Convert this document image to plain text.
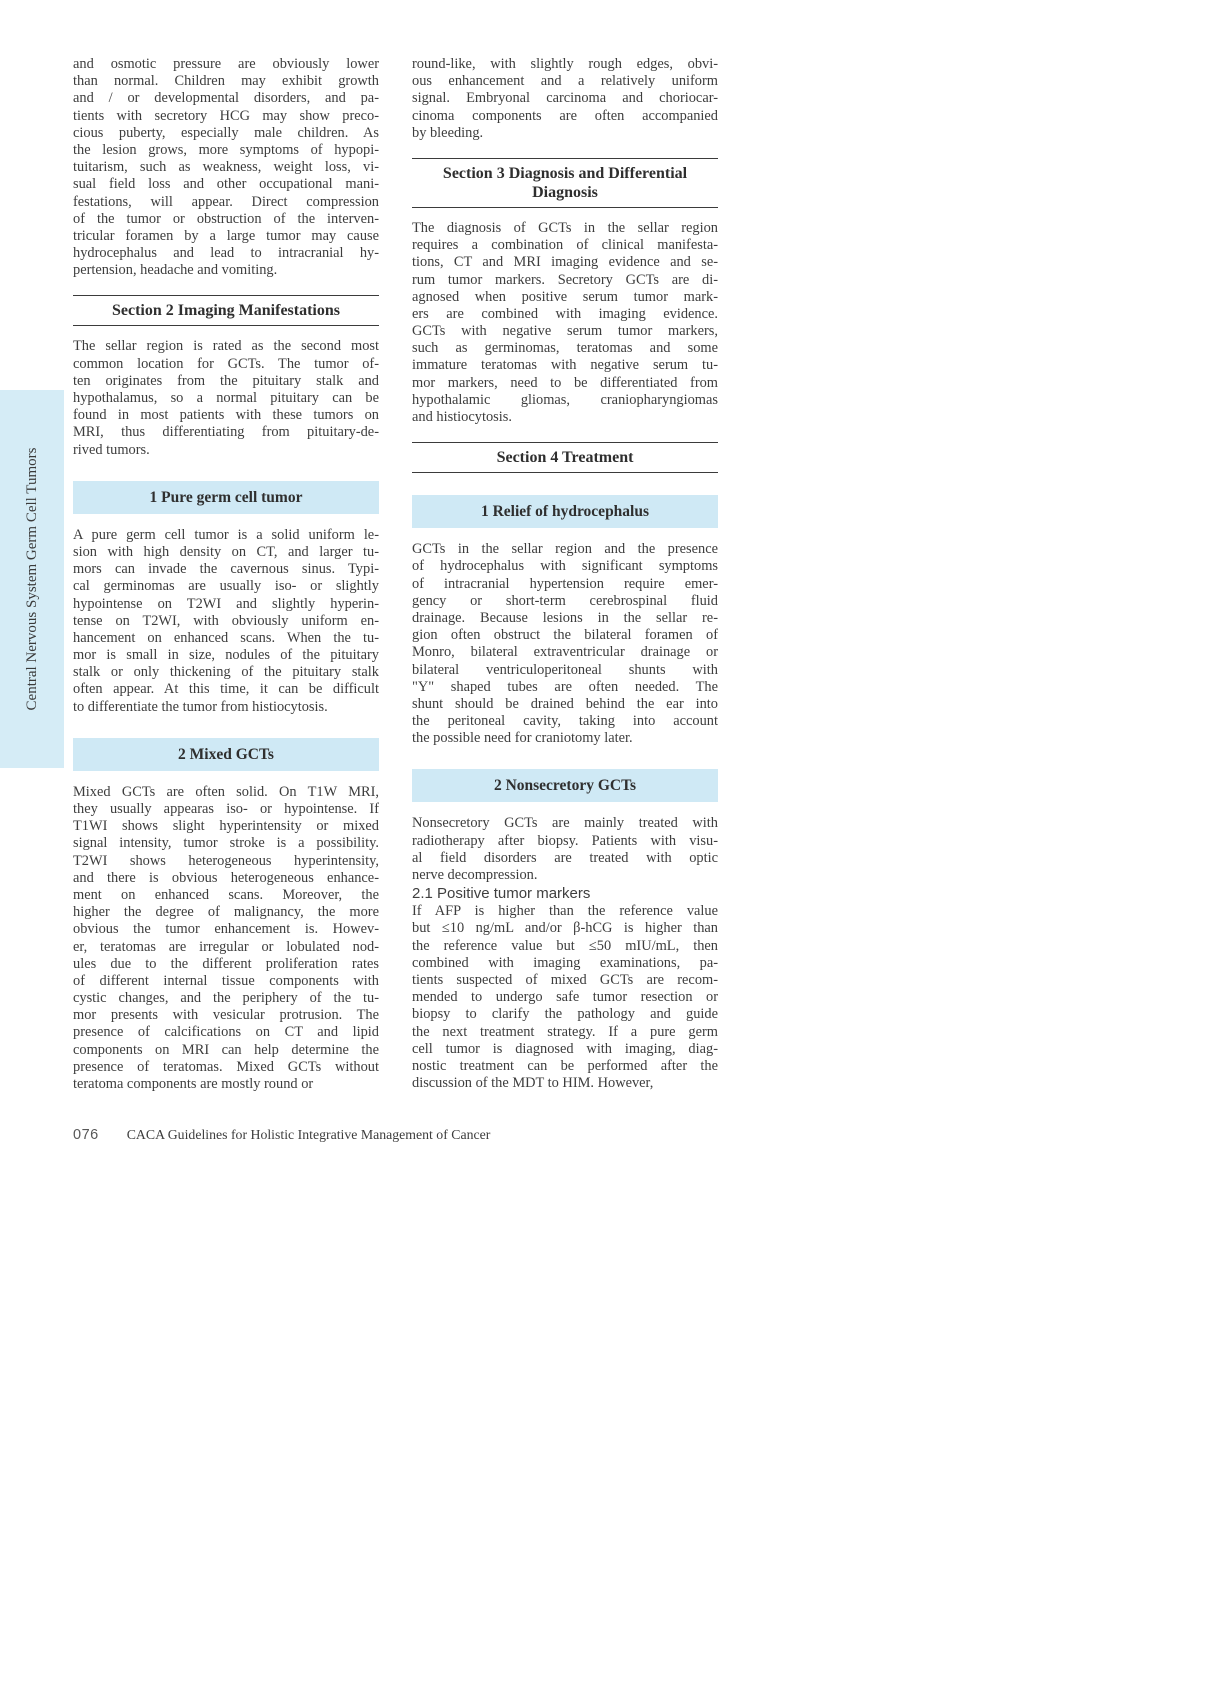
Central Nervous System Germ Cell Tumors
and osmotic pressure are obviously lower
than normal. Children may exhibit growth
and / or developmental disorders, and pa-
tients with secretory HCG may show preco-
cious puberty, especially male children. As
the lesion grows, more symptoms of hypopi-
tuitarism, such as weakness, weight loss, vi-
sual field loss and other occupational mani-
festations, will appear. Direct compression
of the tumor or obstruction of the interven-
tricular foramen by a large tumor may cause
hydrocephalus and lead to intracranial hy-
pertension, headache and vomiting.
Section 2 Imaging Manifestations
The sellar region is rated as the second most
common location for GCTs. The tumor of-
ten originates from the pituitary stalk and
hypothalamus, so a normal pituitary can be
found in most patients with these tumors on
MRI, thus differentiating from pituitary-de-
rived tumors.
1 Pure germ cell tumor
A pure germ cell tumor is a solid uniform le-
sion with high density on CT, and larger tu-
mors can invade the cavernous sinus. Typi-
cal germinomas are usually iso- or slightly
hypointense on T2WI and slightly hyperin-
tense on T2WI, with obviously uniform en-
hancement on enhanced scans. When the tu-
mor is small in size, nodules of the pituitary
stalk or only thickening of the pituitary stalk
often appear. At this time, it can be difficult
to differentiate the tumor from histiocytosis.
2 Mixed GCTs
Mixed GCTs are often solid. On T1W MRI,
they usually appearas iso- or hypointense. If
T1WI shows slight hyperintensity or mixed
signal intensity, tumor stroke is a possibility.
T2WI shows heterogeneous hyperintensity,
and there is obvious heterogeneous enhance-
ment on enhanced scans. Moreover, the
higher the degree of malignancy, the more
obvious the tumor enhancement is. Howev-
er, teratomas are irregular or lobulated nod-
ules due to the different proliferation rates
of different internal tissue components with
cystic changes, and the periphery of the tu-
mor presents with vesicular protrusion. The
presence of calcifications on CT and lipid
components on MRI can help determine the
presence of teratomas. Mixed GCTs without
teratoma components are mostly round or
round-like, with slightly rough edges, obvi-
ous enhancement and a relatively uniform
signal. Embryonal carcinoma and choriocar-
cinoma components are often accompanied
by bleeding.
Section 3 Diagnosis and Differential Diagnosis
The diagnosis of GCTs in the sellar region
requires a combination of clinical manifesta-
tions, CT and MRI imaging evidence and se-
rum tumor markers. Secretory GCTs are di-
agnosed when positive serum tumor mark-
ers are combined with imaging evidence.
GCTs with negative serum tumor markers,
such as germinomas, teratomas and some
immature teratomas with negative serum tu-
mor markers, need to be differentiated from
hypothalamic gliomas, craniopharyngiomas
and histiocytosis.
Section 4 Treatment
1 Relief of hydrocephalus
GCTs in the sellar region and the presence
of hydrocephalus with significant symptoms
of intracranial hypertension require emer-
gency or short-term cerebrospinal fluid
drainage. Because lesions in the sellar re-
gion often obstruct the bilateral foramen of
Monro, bilateral extraventricular drainage or
bilateral ventriculoperitoneal shunts with
"Y" shaped tubes are often needed. The
shunt should be drained behind the ear into
the peritoneal cavity, taking into account
the possible need for craniotomy later.
2 Nonsecretory GCTs
Nonsecretory GCTs are mainly treated with
radiotherapy after biopsy. Patients with visu-
al field disorders are treated with optic
nerve decompression.
2.1 Positive tumor markers
If AFP is higher than the reference value
but ≤10 ng/mL and/or β-hCG is higher than
the reference value but ≤50 mIU/mL, then
combined with imaging examinations, pa-
tients suspected of mixed GCTs are recom-
mended to undergo safe tumor resection or
biopsy to clarify the pathology and guide
the next treatment strategy. If a pure germ
cell tumor is diagnosed with imaging, diag-
nostic treatment can be performed after the
discussion of the MDT to HIM. However,
076 CACA Guidelines for Holistic Integrative Management of Cancer
